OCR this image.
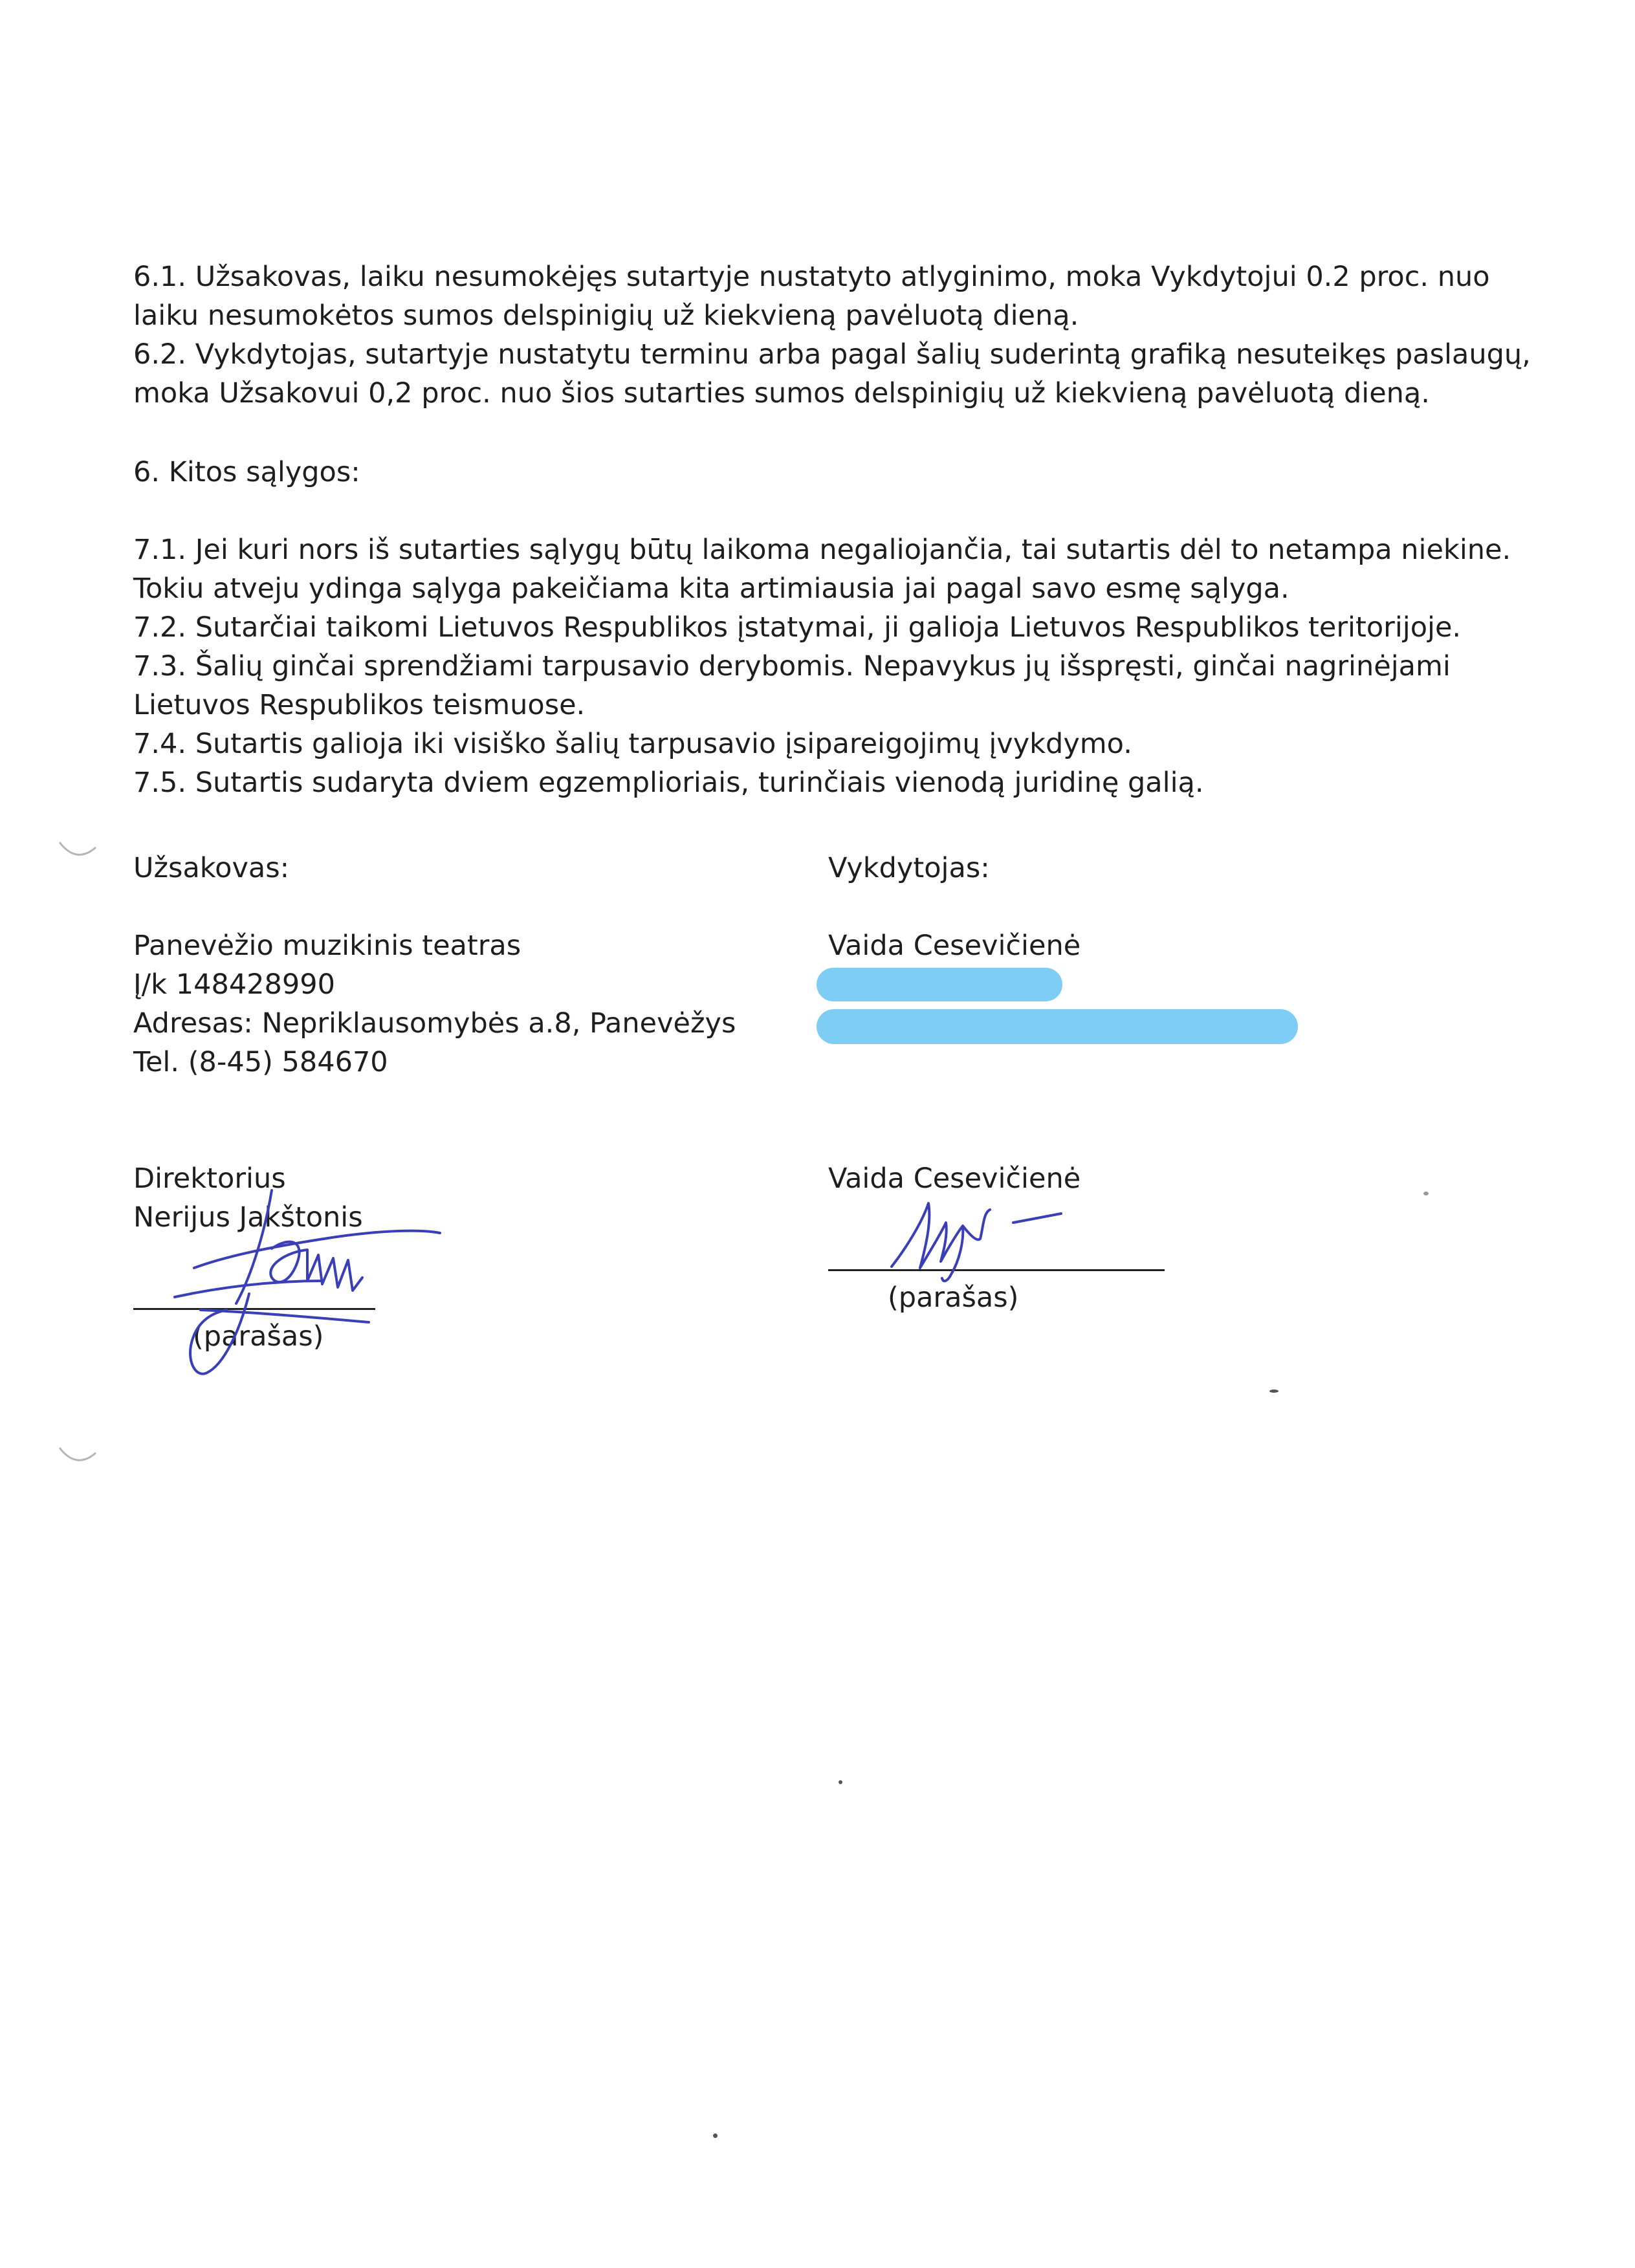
6.1. Užsakovas, laiku nesumokėjęs sutartyje nustatyto atlyginimo, moka Vykdytojui 0.2 proc. nuo
laiku nesumokėtos sumos delspinigių už kiekvieną pavėluotą dieną.
6.2. Vykdytojas, sutartyje nustatytu terminu arba pagal šalių suderintą grafiką nesuteikęs paslaugų,
moka Užsakovui 0,2 proc. nuo šios sutarties sumos delspinigių už kiekvieną pavėluotą dieną.
6. Kitos sąlygos:
7.1. Jei kuri nors iš sutarties sąlygų būtų laikoma negaliojančia, tai sutartis dėl to netampa niekine.
Tokiu atveju ydinga sąlyga pakeičiama kita artimiausia jai pagal savo esmę sąlyga.
7.2. Sutarčiai taikomi Lietuvos Respublikos įstatymai, ji galioja Lietuvos Respublikos teritorijoje.
7.3. Šalių ginčai sprendžiami tarpusavio derybomis. Nepavykus jų išspręsti, ginčai nagrinėjami
Lietuvos Respublikos teismuose.
7.4. Sutartis galioja iki visiško šalių tarpusavio įsipareigojimų įvykdymo.
7.5. Sutartis sudaryta dviem egzemplioriais, turinčiais vienodą juridinę galią.
Užsakovas:
Panevėžio muzikinis teatras
Į/k 148428990
Adresas: Nepriklausomybės a.8, Panevėžys
Tel. (8-45) 584670
Direktorius
Nerijus Jakštonis
(parašas)
Vykdytojas:
Vaida Cesevičienė
Vaida Cesevičienė
(parašas)
